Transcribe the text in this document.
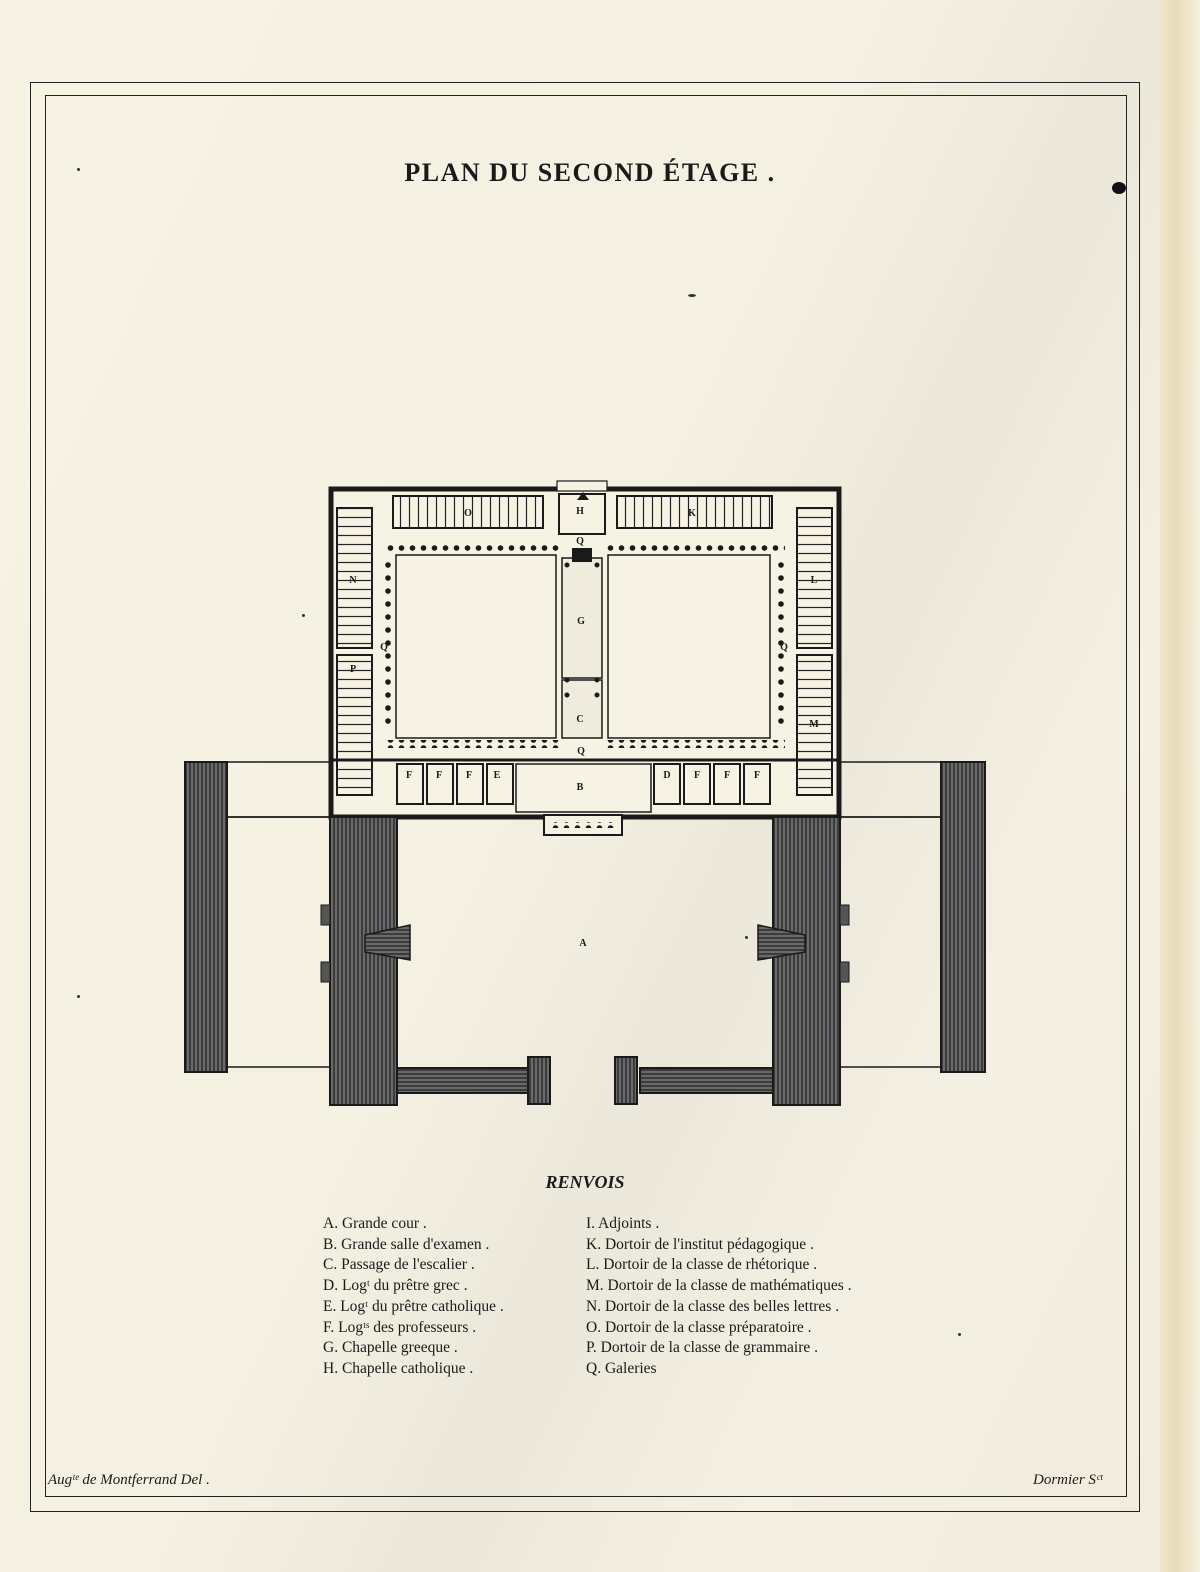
PLAN DU SECOND ÉTAGE .
A
B
C
D
E
F F F	F F F
G
H	K
L
M
N
O
P
Q
Q	Q
Q
RENVOIS
A. Grande cour .
B. Grande salle d'examen .
C. Passage de l'escalier .
D. Logᵗ du prêtre grec .
E. Logᵗ du prêtre catholique .
F. Logᵗˢ des professeurs .
G. Chapelle greeque .
H. Chapelle catholique .
I. Adjoints .
K. Dortoir de l'institut pédagogique .
L. Dortoir de la classe de rhétorique .
M. Dortoir de la classe de mathématiques .
N. Dortoir de la classe des belles lettres .
O. Dortoir de la classe préparatoire .
P. Dortoir de la classe de grammaire .
Q. Galeries
Augᵗᵉ de Montferrand Del .	Dormier Sᶜᵗ
